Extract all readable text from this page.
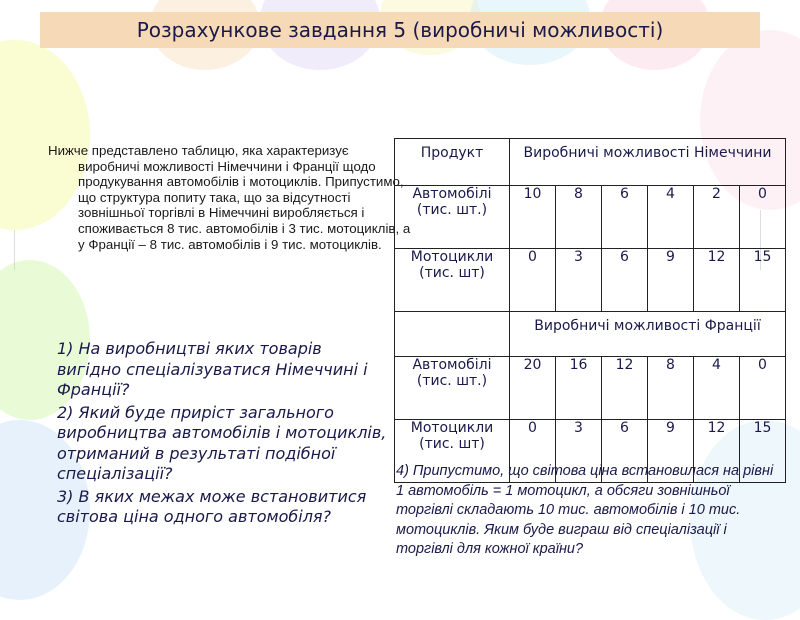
Розрахункове завдання 5 (виробничі можливості)
Нижче представлено таблицю, яка характеризує виробничі можливості Німеччини і Франції щодо продукування автомобілів і мотоциклів. Припустимо, що структура попиту така, що за відсутності зовнішньої торгівлі в Німеччині виробляється і споживається 8 тис. автомобілів і 3 тис. мотоциклів, а у Франції – 8 тис. автомобілів і 9 тис. мотоциклів.

1) На виробництві яких товарів вигідно спеціалізуватися Німеччині і Франції?

2) Який буде приріст загального виробництва автомобілів і мотоциклів, отриманий в результаті подібної спеціалізації?

3) В яких межах може встановитися світова ціна одного автомобіля?

Продукт	Виробничі можливості Німеччини					

Автомобілі (тис. шт.)	10	8	6	4	2	0
Мотоцикли (тис. шт)	0	3	6	9	12	15

	Виробничі можливості Франції					

Автомобілі (тис. шт.)	20	16	12	8	4	0
Мотоцикли (тис. шт)	0	3	6	9	12	15
4) Припустимо, що світова ціна встановилася на рівні 1 автомобіль = 1 мотоцикл, а обсяги зовнішньої торгівлі складають 10 тис. автомобілів і 10 тис. мотоциклів. Яким буде виграш від спеціалізації і торгівлі для кожної країни?
